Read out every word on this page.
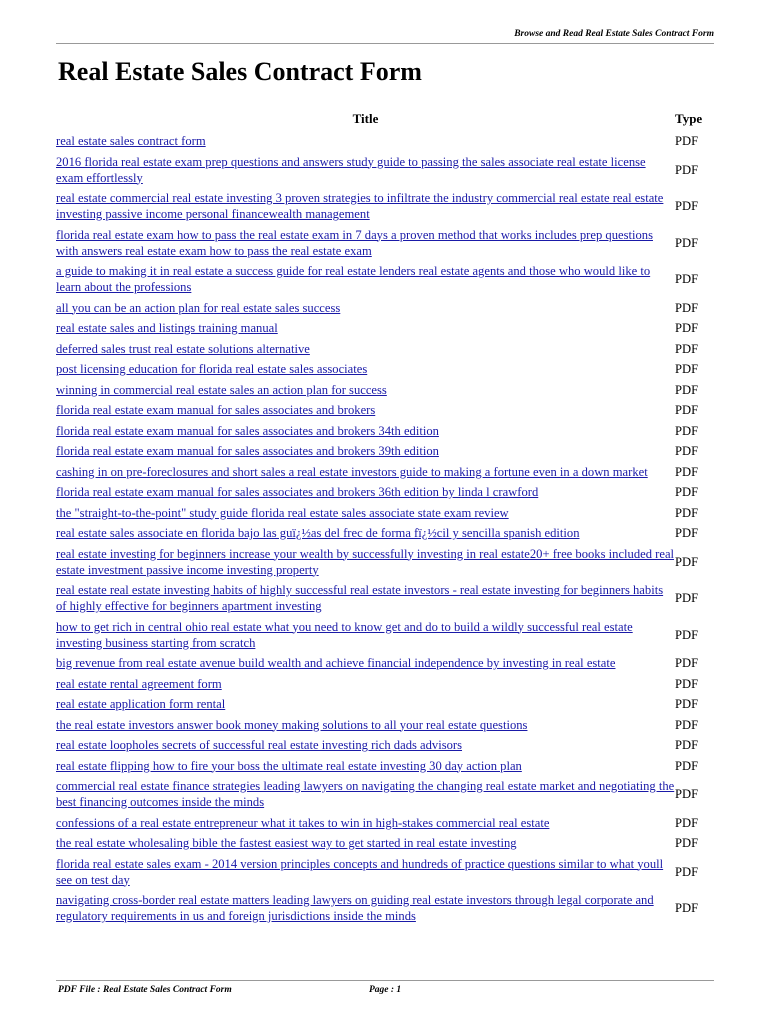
Browse and Read Real Estate Sales Contract Form
Real Estate Sales Contract Form
Title	Type
real estate sales contract form	PDF
2016 florida real estate exam prep questions and answers study guide to passing the sales associate real estate license exam effortlessly	PDF
real estate commercial real estate investing 3 proven strategies to infiltrate the industry commercial real estate real estate investing passive income personal financewealth management	PDF
florida real estate exam how to pass the real estate exam in 7 days a proven method that works includes prep questions with answers real estate exam how to pass the real estate exam	PDF
a guide to making it in real estate a success guide for real estate lenders real estate agents and those who would like to learn about the professions	PDF
all you can be an action plan for real estate sales success	PDF
real estate sales and listings training manual	PDF
deferred sales trust real estate solutions alternative	PDF
post licensing education for florida real estate sales associates	PDF
winning in commercial real estate sales an action plan for success	PDF
florida real estate exam manual for sales associates and brokers	PDF
florida real estate exam manual for sales associates and brokers 34th edition	PDF
florida real estate exam manual for sales associates and brokers 39th edition	PDF
cashing in on pre-foreclosures and short sales a real estate investors guide to making a fortune even in a down market	PDF
florida real estate exam manual for sales associates and brokers 36th edition by linda l crawford	PDF
the "straight-to-the-point" study guide florida real estate sales associate state exam review	PDF
real estate sales associate en florida bajo las guï¿½as del frec de forma fï¿½cil y sencilla spanish edition	PDF
real estate investing for beginners increase your wealth by successfully investing in real estate20+ free books included real estate investment passive income investing property	PDF
real estate real estate investing habits of highly successful real estate investors - real estate investing for beginners habits of highly effective for beginners apartment investing	PDF
how to get rich in central ohio real estate what you need to know get and do to build a wildly successful real estate investing business starting from scratch	PDF
big revenue from real estate avenue build wealth and achieve financial independence by investing in real estate	PDF
real estate rental agreement form	PDF
real estate application form rental	PDF
the real estate investors answer book money making solutions to all your real estate questions	PDF
real estate loopholes secrets of successful real estate investing rich dads advisors	PDF
real estate flipping how to fire your boss the ultimate real estate investing 30 day action plan	PDF
commercial real estate finance strategies leading lawyers on navigating the changing real estate market and negotiating the best financing outcomes inside the minds	PDF
confessions of a real estate entrepreneur what it takes to win in high-stakes commercial real estate	PDF
the real estate wholesaling bible the fastest easiest way to get started in real estate investing	PDF
florida real estate sales exam - 2014 version principles concepts and hundreds of practice questions similar to what youll see on test day	PDF
navigating cross-border real estate matters leading lawyers on guiding real estate investors through legal corporate and regulatory requirements in us and foreign jurisdictions inside the minds	PDF
PDF File : Real Estate Sales Contract Form	Page : 1
